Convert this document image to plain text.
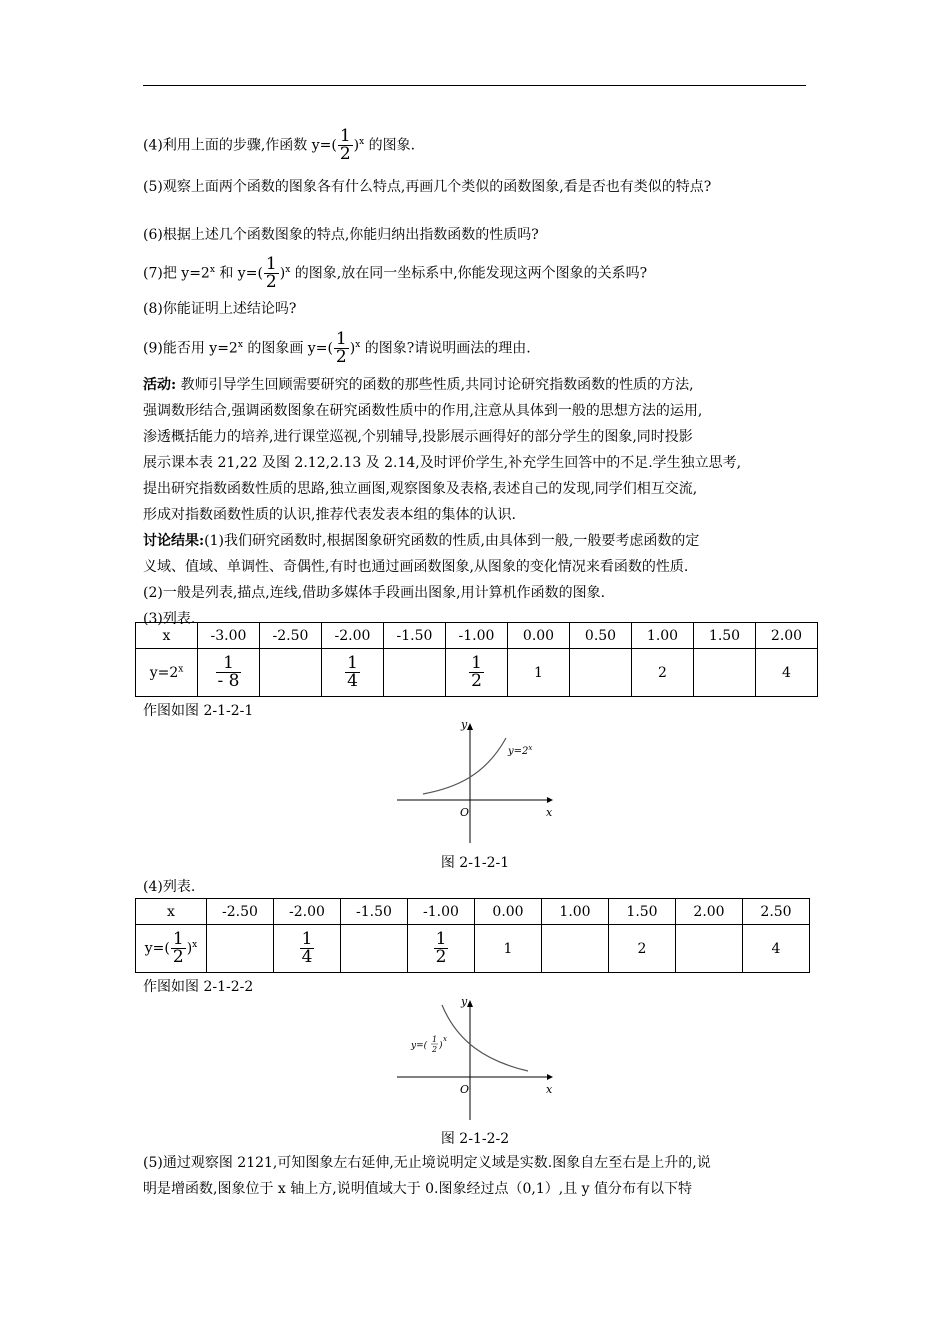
(4)利用上面的步骤,作函数 $y=( \frac{1}{2} )^x$ 的图象.
(5)观察上面两个函数的图象各有什么特点,再画几个类似的函数图象,看是否也有类似的特点?
(6)根据上述几个函数图象的特点,你能归纳出指数函数的性质吗?
(7)把 $y=2^x$ 和 $y=( \frac{1}{2} )^x$ 的图象,放在同一坐标系中,你能发现这两个图象的关系吗?
(8)你能证明上述结论吗?
(9)能否用 $y=2^x$ 的图象画 $y=( \frac{1}{2} )^x$ 的图象?请说明画法的理由.
活动: 教师引导学生回顾需要研究的函数的那些性质,共同讨论研究指数函数的性质的方法,
强调数形结合,强调函数图象在研究函数性质中的作用,注意从具体到一般的思想方法的运用,
渗透概括能力的培养,进行课堂巡视,个别辅导,投影展示画得好的部分学生的图象,同时投影
展示课本表 21,22 及图 2.12,2.13 及 2.14,及时评价学生,补充学生回答中的不足.学生独立思考,
提出研究指数函数性质的思路,独立画图,观察图象及表格,表述自己的发现,同学们相互交流,
形成对指数函数性质的认识,推荐代表发表本组的集体的认识.
讨论结果:(1)我们研究函数时,根据图象研究函数的性质,由具体到一般,一般要考虑函数的定
义域、值域、单调性、奇偶性,有时也通过画函数图象,从图象的变化情况来看函数的性质.
(2)一般是列表,描点,连线,借助多媒体手段画出图象,用计算机作函数的图象.
(3)列表.
x	-3.00	-2.50	-2.00	-1.50	-1.00	0.00	0.50	1.00	1.50	2.00
$y=2^x$	$\frac{1}{- 8}$		$\frac{1}{4}$		$\frac{1}{2}$	1		2		4
作图如图 2-1-2-1
y
x
O
$y=2^x$
图 2-1-2-1
(4)列表.
x	-2.50	-2.00	-1.50	-1.00	0.00	1.00	1.50	2.00	2.50
$y=( \frac{1}{2} )^x$		$\frac{1}{4}$		$\frac{1}{2}$	1		2		4
作图如图 2-1-2-2
y
x
O
y=(
1
2 )
x
图 2-1-2-2
(5)通过观察图 2121,可知图象左右延伸,无止境说明定义域是实数.图象自左至右是上升的,说
明是增函数,图象位于 x 轴上方,说明值域大于 0.图象经过点（0,1）,且 y 值分布有以下特
